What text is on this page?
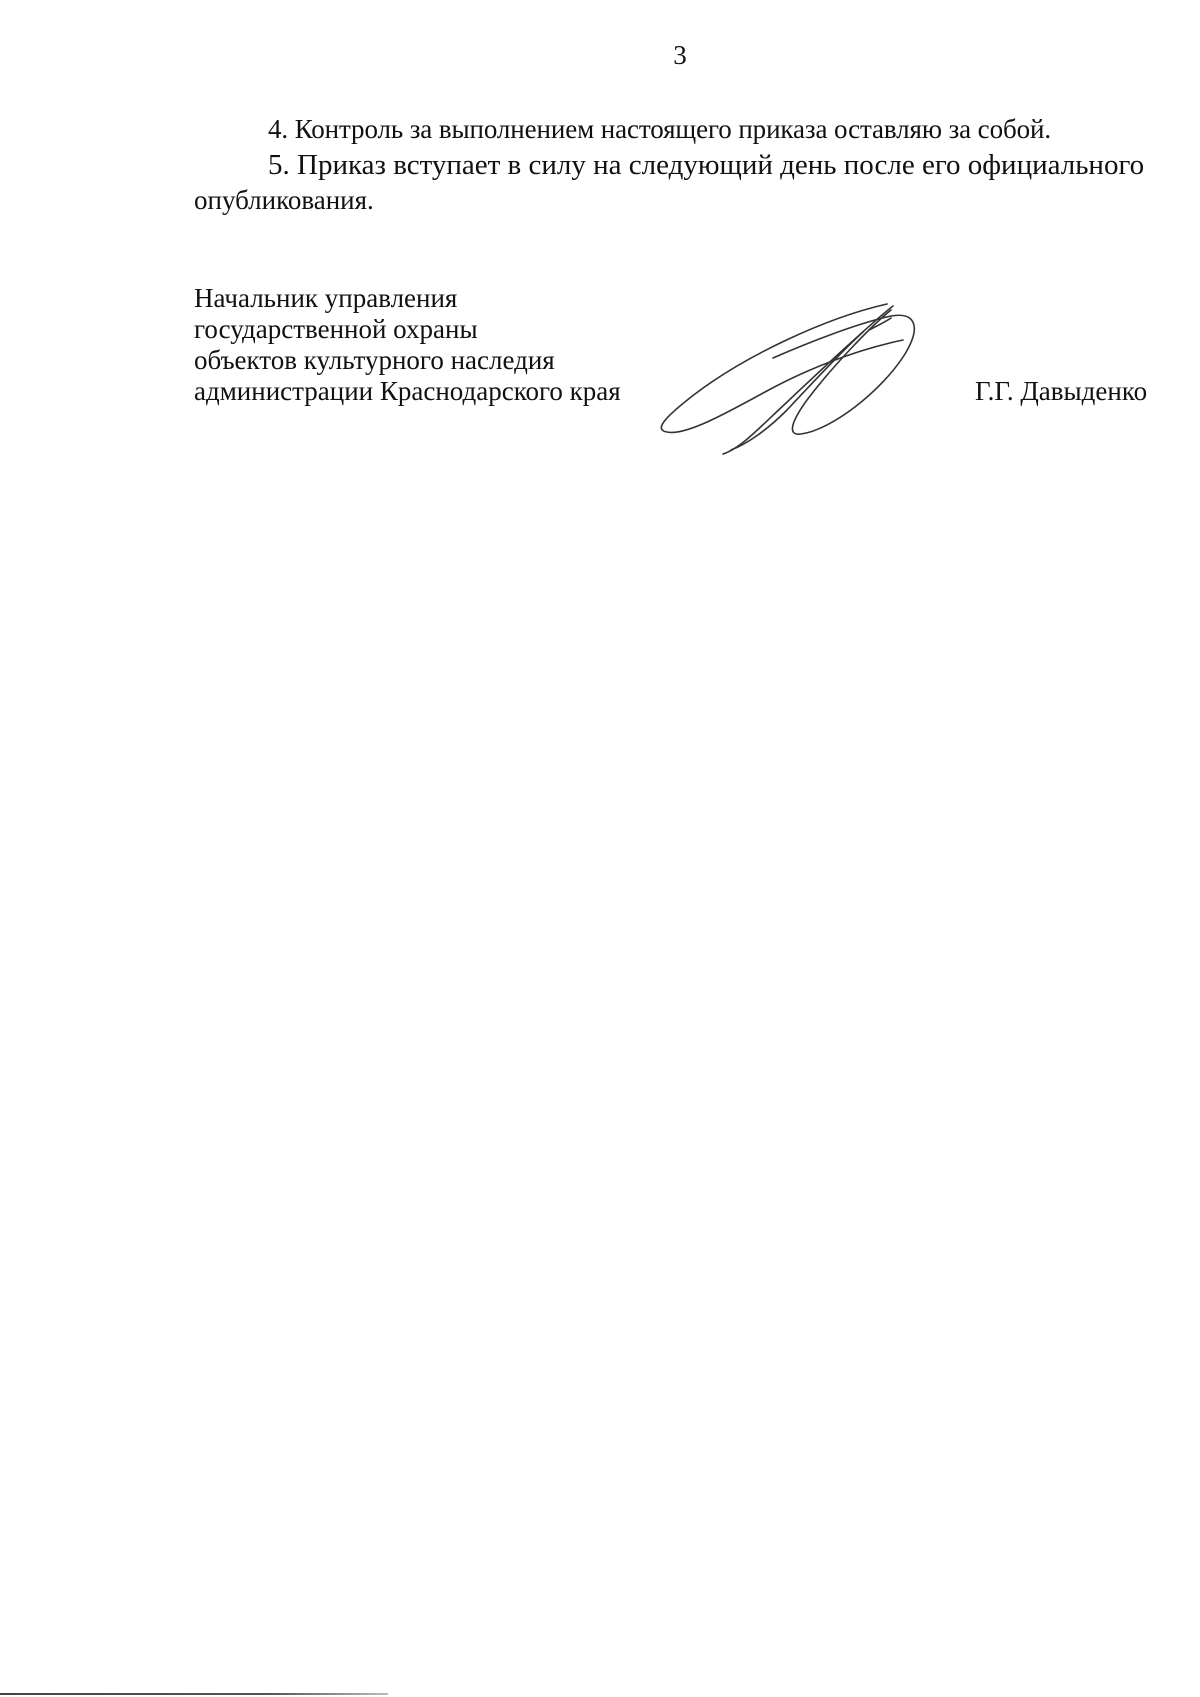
3
4. Контроль за выполнением настоящего приказа оставляю за собой.
5. Приказ вступает в силу на следующий день после его официального
опубликования.
Начальник управления
государственной охраны
объектов культурного наследия
администрации Краснодарского края	Г.Г. Давыденко
